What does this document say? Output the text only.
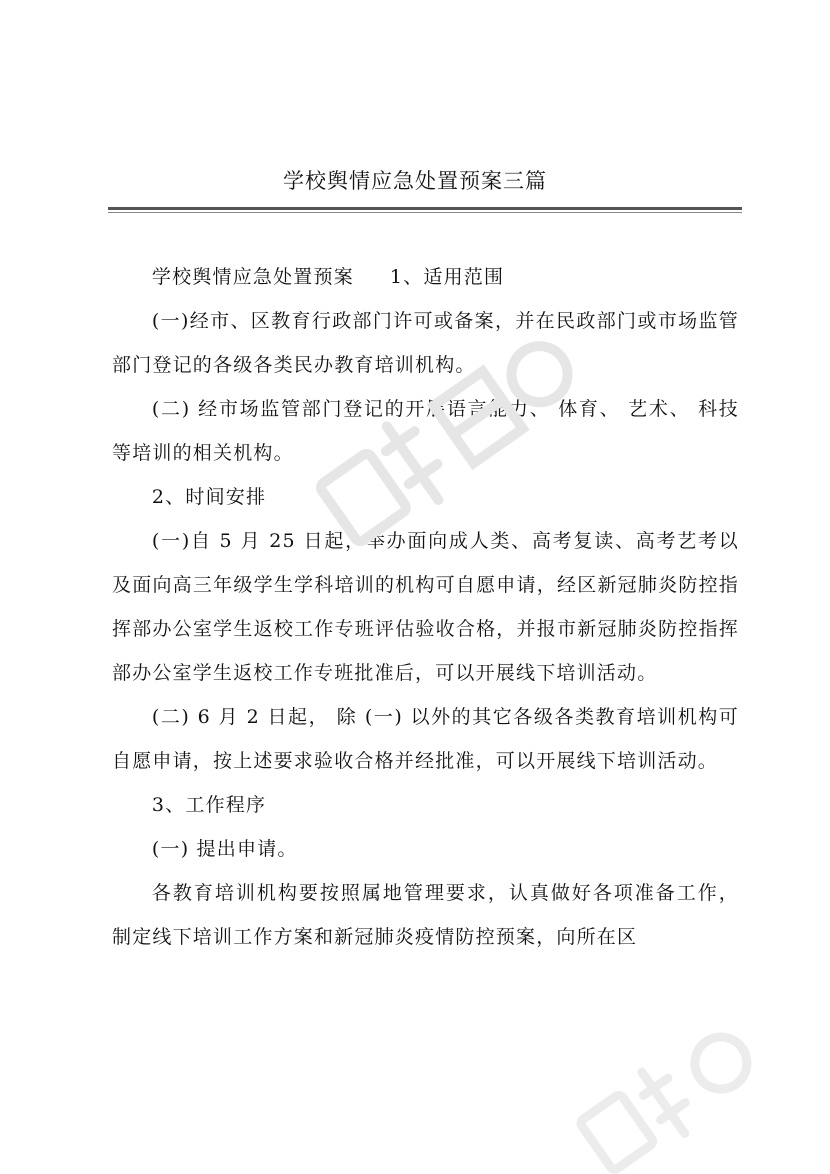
学校舆情应急处置预案三篇

学校舆情应急处置预案 1、适用范围

(一)经市、区教育行政部门许可或备案，并在民政部门或市场监管部门登记的各级各类民办教育培训机构。

(二) 经市场监管部门登记的开展语言能力、 体育、 艺术、 科技等培训的相关机构。

2、时间安排

(一)自 5 月 25 日起，举办面向成人类、高考复读、高考艺考以及面向高三年级学生学科培训的机构可自愿申请，经区新冠肺炎防控指挥部办公室学生返校工作专班评估验收合格，并报市新冠肺炎防控指挥部办公室学生返校工作专班批准后，可以开展线下培训活动。

(二) 6 月 2 日起， 除 (一) 以外的其它各级各类教育培训机构可自愿申请，按上述要求验收合格并经批准，可以开展线下培训活动。

3、工作程序

(一) 提出申请。

各教育培训机构要按照属地管理要求，认真做好各项准备工作， 制定线下培训工作方案和新冠肺炎疫情防控预案，向所在区
